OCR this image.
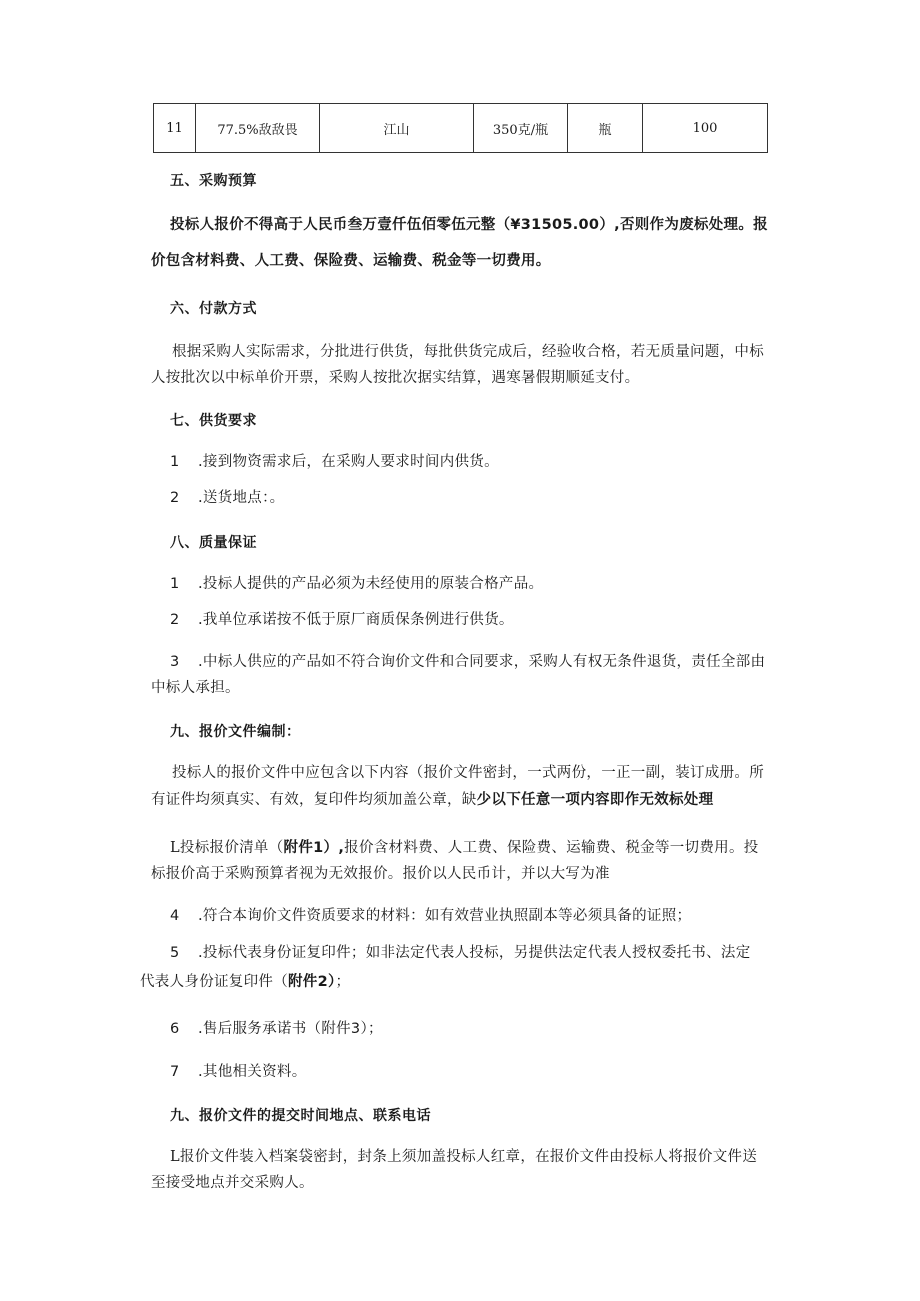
11	77.5%敌敌畏	江山	350克/瓶	瓶	100
五、采购预算
投标人报价不得高于人民币叁万壹仟伍佰零伍元整（¥31505.00）,否则作为废标处理。报
价包含材料费、人工费、保险费、运输费、税金等一切费用。
六、付款方式
根据采购人实际需求，分批进行供货，每批供货完成后，经验收合格，若无质量问题，中标
人按批次以中标单价开票，采购人按批次据实结算，遇寒暑假期顺延支付。
七、供货要求
1 .接到物资需求后，在采购人要求时间内供货。
2 .送货地点：。
八、质量保证
1 .投标人提供的产品必须为未经使用的原装合格产品。
2 .我单位承诺按不低于原厂商质保条例进行供货。
3 .中标人供应的产品如不符合询价文件和合同要求，采购人有权无条件退货，责任全部由
中标人承担。
九、报价文件编制：
投标人的报价文件中应包含以下内容（报价文件密封，一式两份，一正一副，装订成册。所
有证件均须真实、有效，复印件均须加盖公章，缺少以下任意一项内容即作无效标处理
L投标报价清单（附件1）,报价含材料费、人工费、保险费、运输费、税金等一切费用。投
标报价高于采购预算者视为无效报价。报价以人民币计，并以大写为准
4 .符合本询价文件资质要求的材料：如有效营业执照副本等必须具备的证照；
5 .投标代表身份证复印件；如非法定代表人投标，另提供法定代表人授权委托书、法定
代表人身份证复印件（附件2）；
6 .售后服务承诺书（附件3）；
7 .其他相关资料。
九、报价文件的提交时间地点、联系电话
L报价文件装入档案袋密封，封条上须加盖投标人红章，在报价文件由投标人将报价文件送
至接受地点并交采购人。
